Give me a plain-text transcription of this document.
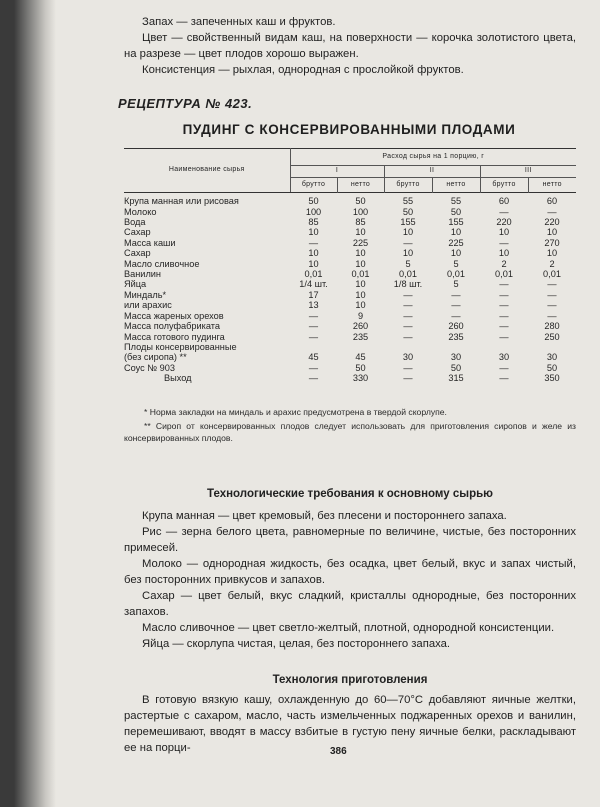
Запах — запеченных каш и фруктов.

Цвет — свойственный видам каш, на поверхности — корочка золотистого цвета, на разрезе — цвет плодов хорошо выражен.

Консистенция — рыхлая, однородная с прослойкой фруктов.

РЕЦЕПТУРА № 423.
ПУДИНГ С КОНСЕРВИРОВАННЫМИ ПЛОДАМИ
Наименование сырья	Расход сырья на 1 порцию, г					
	I		II		III	
	брутто	нетто	брутто	нетто	брутто	нетто
Крупа манная или рисовая	50	50	55	55	60	60
Молоко	100	100	50	50	—	—
Вода	85	85	155	155	220	220
Сахар	10	10	10	10	10	10
Масса каши	—	225	—	225	—	270
Сахар	10	10	10	10	10	10
Масло сливочное	10	10	5	5	2	2
Ванилин	0,01	0,01	0,01	0,01	0,01	0,01
Яйца	1/4 шт.	10	1/8 шт.	5	—	—
Миндаль*	17	10	—	—	—	—
или арахис	13	10	—	—	—	—
Масса жареных орехов	—	9	—	—	—	—
Масса полуфабриката	—	260	—	260	—	280
Масса готового пудинга	—	235	—	235	—	250
Плоды консервированные						
(без сиропа) **	45	45	30	30	30	30
Соус № 903	—	50	—	50	—	50
Выход	—	330	—	315	—	350

* Норма закладки на миндаль и арахис предусмотрена в твердой скорлупе.

** Сироп от консервированных плодов следует использовать для приготовления сиропов и желе из консервированных плодов.

Технологические требования к основному сырью

Крупа манная — цвет кремовый, без плесени и постороннего запаха.

Рис — зерна белого цвета, равномерные по величине, чистые, без посторонних примесей.

Молоко — однородная жидкость, без осадка, цвет белый, вкус и запах чистый, без посторонних привкусов и запахов.

Сахар — цвет белый, вкус сладкий, кристаллы однородные, без посторонних запахов.

Масло сливочное — цвет светло-желтый, плотной, однородной консистенции.

Яйца — скорлупа чистая, целая, без постороннего запаха.

Технология приготовления

В готовую вязкую кашу, охлажденную до 60—70°С добавляют яичные желтки, растертые с сахаром, масло, часть измельченных поджаренных орехов и ванилин, перемешивают, вводят в массу взбитые в густую пену яичные белки, раскладывают ее на порци-	386
